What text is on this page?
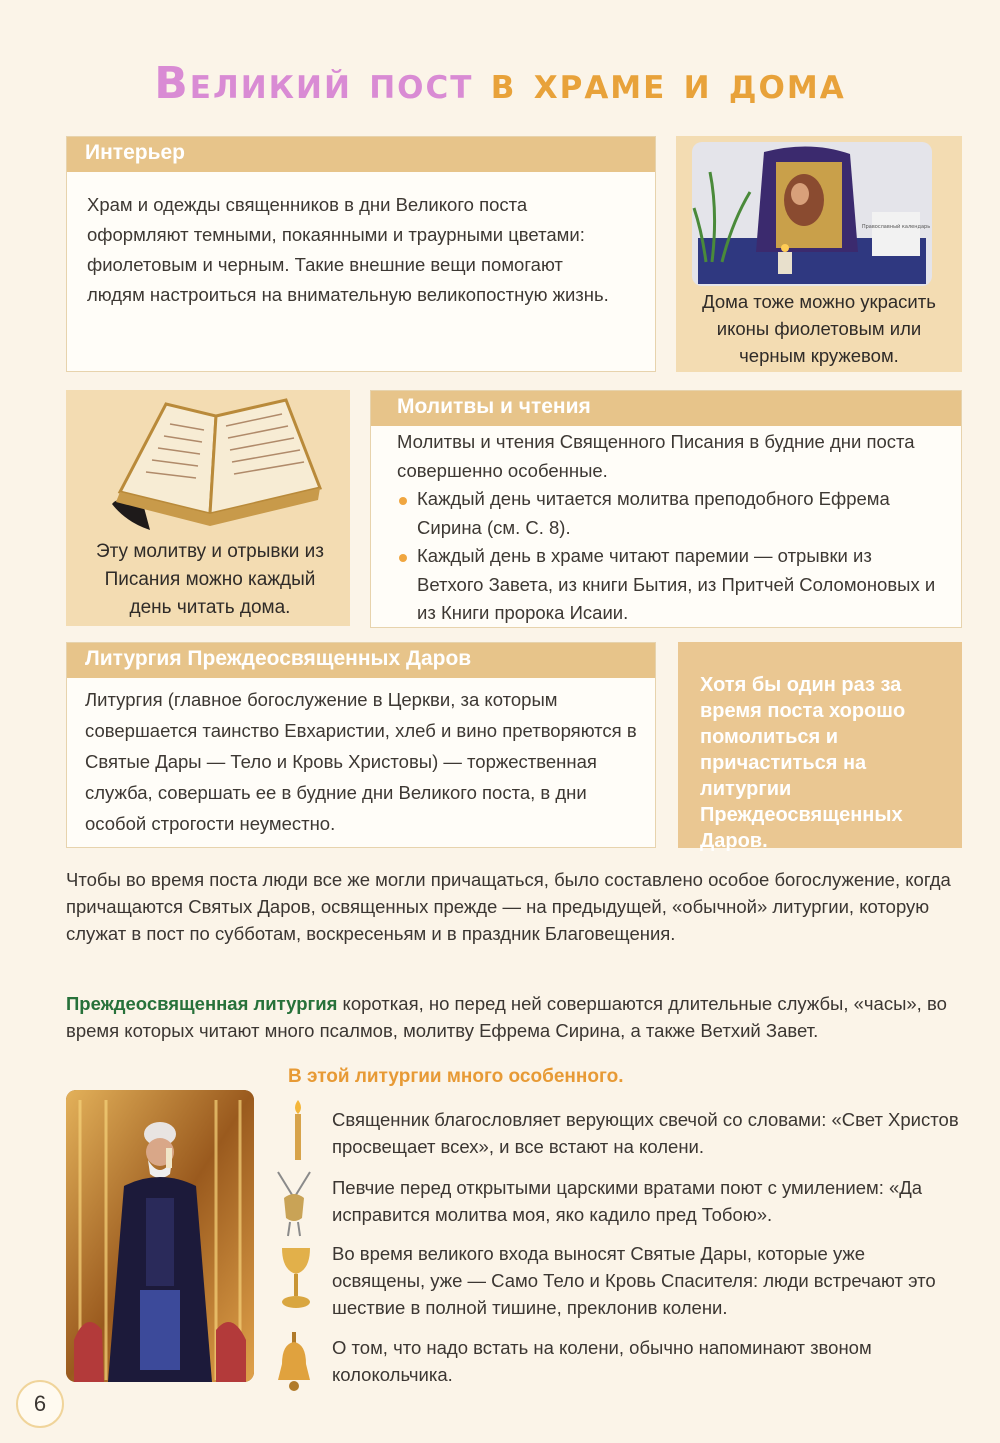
Великий пост в храме и дома
Интерьер
Храм и одежды священников в дни Великого поста оформляют темными, покаянными и траурными цветами: фиолетовым и черным. Такие внешние вещи помогают людям настроиться на внимательную великопостную жизнь.
Православный календарь
Дома тоже можно украсить иконы фиолетовым или черным кружевом.
Эту молитву и отрывки из Писания можно каждый день читать дома.
Молитвы и чтения
Молитвы и чтения Священного Писания в будние дни поста совершенно особенные.
Каждый день читается молитва преподобного Ефрема Сирина (см. С. 8).
Каждый день в храме читают паремии — отрывки из Ветхого Завета, из книги Бытия, из Притчей Соломоновых и из Книги пророка Исаии.
Литургия Преждеосвященных Даров
Литургия (главное богослужение в Церкви, за которым совершается таинство Евхаристии, хлеб и вино претворяются в Святые Дары — Тело и Кровь Христовы) — торжественная служба, совершать ее в будние дни Великого поста, в дни особой строгости неуместно.
Хотя бы один раз за время поста хорошо помолиться и причаститься на литургии Преждеосвященных Даров.

Чтобы во время поста люди все же могли причащаться, было составлено особое богослужение, когда причащаются Святых Даров, освященных прежде — на предыдущей, «обычной» литургии, которую служат в пост по субботам, воскресеньям и в праздник Благовещения.

Преждеосвященная литургия короткая, но перед ней совершаются длительные службы, «часы», во время которых читают много псалмов, молитву Ефрема Сирина, а также Ветхий Завет.

В этой литургии много особенного.
Священник благословляет верующих свечой со словами: «Свет Христов просвещает всех», и все встают на колени.
Певчие перед открытыми царскими вратами поют с умилением: «Да исправится молитва моя, яко кадило пред Тобою».
Во время великого входа выносят Святые Дары, которые уже освящены, уже — Само Тело и Кровь Спасителя: люди встречают это шествие в полной тишине, преклонив колени.
О том, что надо встать на колени, обычно напоминают звоном колокольчика.
6
